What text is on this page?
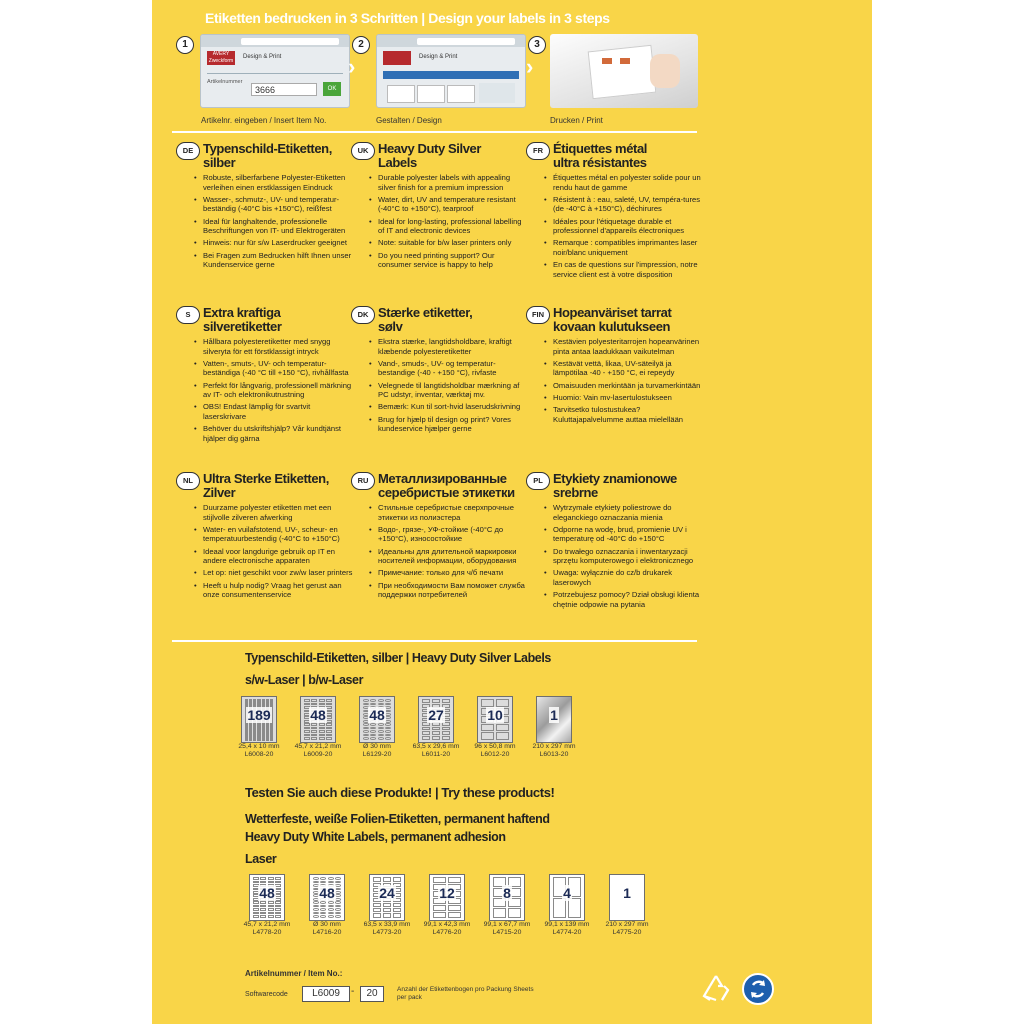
Etiketten bedrucken in 3 Schritten | Design your labels in 3 steps
1
AVERY Zweckform
Design & Print
Artikelnummer
3666	OK
›
Artikelnr. eingeben / Insert Item No.
2
Design & Print	›
Gestalten / Design
3
Drucken / Print
DE Typenschild-Etiketten, silber
• Robuste, silberfarbene Polyester-Etiketten verleihen einen erstklassigen Eindruck
• Wasser-, schmutz-, UV- und temperatur-beständig (-40°C bis +150°C), reißfest
• Ideal für langhaltende, professionelle Beschriftungen von IT- und Elektrogeräten
• Hinweis: nur für s/w Laserdrucker geeignet
• Bei Fragen zum Bedrucken hilft Ihnen unser Kundenservice gerne
UK Heavy Duty Silver Labels
• Durable polyester labels with appealing silver finish for a premium impression
• Water, dirt, UV and temperature resistant (-40°C to +150°C), tearproof
• Ideal for long-lasting, professional labelling of IT and electronic devices
• Note: suitable for b/w laser printers only
• Do you need printing support? Our consumer service is happy to help
FR Étiquettes métal ultra résistantes
• Étiquettes métal en polyester solide pour un rendu haut de gamme
• Résistent à : eau, saleté, UV, tempéra-tures (de -40°C à +150°C), déchirures
• Idéales pour l'étiquetage durable et professionnel d'appareils électroniques
• Remarque : compatibles imprimantes laser noir/blanc uniquement
• En cas de questions sur l'impression, notre service client est à votre disposition
S Extra kraftiga silveretiketter
• Hållbara polyesteretiketter med snygg silveryta för ett förstklassigt intryck
• Vatten-, smuts-, UV- och temperatur-beständiga (-40 °C till +150 °C), rivhållfasta
• Perfekt för långvarig, professionell märkning av IT- och elektronikutrustning
• OBS! Endast lämplig för svartvit laserskrivare
• Behöver du utskriftshjälp? Vår kundtjänst hjälper dig gärna
DK Stærke etiketter, sølv
• Ekstra stærke, langtidsholdbare, kraftigt klæbende polyesteretiketter
• Vand-, smuds-, UV- og temperatur-bestandige (-40 - +150 °C), rivfaste
• Velegnede til langtidsholdbar mærkning af PC udstyr, inventar, værktøj mv.
• Bemærk: Kun til sort-hvid laserudskrivning
• Brug for hjælp til design og print? Vores kundeservice hjælper gerne
FIN Hopeanväriset tarrat kovaan kulutukseen
• Kestävien polyesteritarrojen hopeanvärinen pinta antaa laadukkaan vaikutelman
• Kestävät vettä, likaa, UV-säteilyä ja lämpötilaa -40 - +150 °C, ei repeydy
• Omaisuuden merkintään ja turvamerkintään
• Huomio: Vain mv-lasertulostukseen
• Tarvitsetko tulostustukea? Kuluttajapalvelumme auttaa mielellään
NL Ultra Sterke Etiketten, Zilver
• Duurzame polyester etiketten met een stijlvolle zilveren afwerking
• Water- en vuilafstotend, UV-, scheur- en temperatuurbestendig (-40°C to +150°C)
• Ideaal voor langdurige gebruik op IT en andere electronische apparaten
• Let op: niet geschikt voor zw/w laser printers
• Heeft u hulp nodig? Vraag het gerust aan onze consumentenservice
RU Металлизированные серебристые этикетки
• Стильные серебристые сверхпрочные этикетки из полиэстера
• Водо-, грязе-, УФ-стойкие (-40°C до +150°C), износостойкие
• Идеальны для длительной маркировки носителей информации, оборудования
• Примечание: только для ч/б печати
• При необходимости Вам поможет служба поддержки потребителей
PL Etykiety znamionowe srebrne
• Wytrzymałe etykiety poliestrowe do eleganckiego oznaczania mienia
• Odporne na wodę, brud, promienie UV i temperaturę od -40°C do +150°C
• Do trwałego oznaczania i inwentaryzacji sprzętu komputerowego i elektronicznego
• Uwaga: wyłącznie do cz/b drukarek laserowych
• Potrzebujesz pomocy? Dział obsługi klienta chętnie odpowie na pytania
Typenschild-Etiketten, silber | Heavy Duty Silver Labels
s/w-Laser | b/w-Laser
189
25,4 x 10 mm
L6008-20
48
45,7 x 21,2 mm
L6009-20
48
Ø 30 mm
L6129-20
27
63,5 x 29,6 mm
L6011-20
10
96 x 50,8 mm
L6012-20
1
210 x 297 mm
L6013-20
Testen Sie auch diese Produkte! | Try these products!
Wetterfeste, weiße Folien-Etiketten, permanent haftend
Heavy Duty White Labels, permanent adhesion
Laser
48
45,7 x 21,2 mm
L4778-20
48
Ø 30 mm
L4716-20
24
63,5 x 33,9 mm
L4773-20
12
99,1 x 42,3 mm
L4776-20
8
99,1 x 67,7 mm
L4715-20
4
99,1 x 139 mm
L4774-20
1
210 x 297 mm
L4775-20
Artikelnummer / Item No.:
Softwarecode	L6009	-	20	Anzahl der Etikettenbogen pro Packung Sheets per pack
